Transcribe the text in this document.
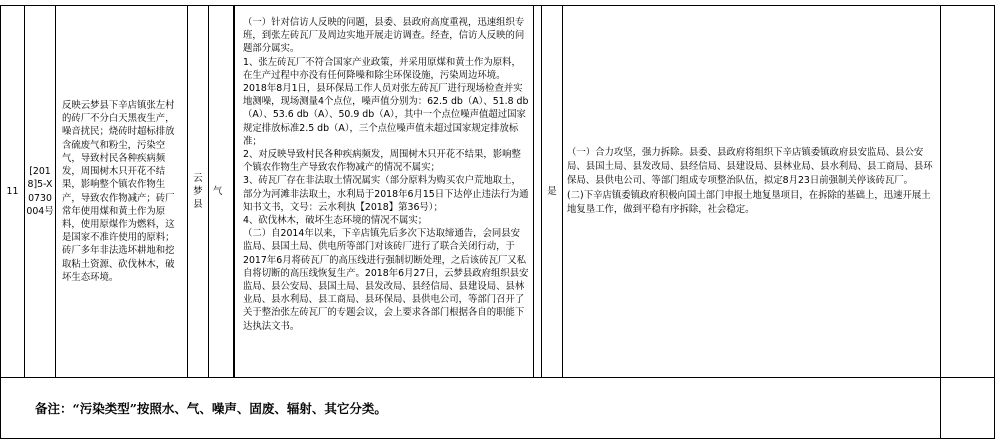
11
[2018]5-X0730004号
反映云梦县下辛店镇张左村的砖厂不分白天黑夜生产，噪音扰民；烧砖时超标排放含硫废气和粉尘，污染空气，导致村民各种疾病频发，周围树木只开花不结果，影响整个镇农作物生产，导致农作物减产；砖厂常年使用煤和黄土作为原料，使用原煤作为燃料，这是国家不准许使用的原料；砖厂多年非法选坏耕地和挖取粘土资源、砍伐林木，破坏生态环境。
云梦县
气

（一）针对信访人反映的问题，县委、县政府高度重视，迅速组织专班，到张左砖瓦厂及周边实地开展走访调查。经查，信访人反映的问题部分属实。

1、张左砖瓦厂不符合国家产业政策，并采用原煤和黄土作为原料，在生产过程中亦没有任何降噪和除尘环保设施，污染周边环境。2018年8月1日，县环保局工作人员对张左砖瓦厂进行现场检查并实地测噪，现场测量4个点位，噪声值分别为：62.5 db（A）、51.8 db（A）、53.6 db（A）、50.9 db（A），其中一个点位噪声值超过国家规定排放标准2.5 db（A），三个点位噪声值未超过国家规定排放标准；

2、对反映导致村民各种疾病频发，周围树木只开花不结果，影响整个镇农作物生产导致农作物减产的情况不属实；

3、砖瓦厂存在非法取土情况属实（部分原料为购买农户荒地取土，部分为河滩非法取土，水利局于2018年6月15日下达停止违法行为通知书文书，文号：云水利执【2018】第36号）；

4、砍伐林木，破坏生态环境的情况不属实；

（二）自2014年以来，下辛店镇先后多次下达取缔通告，会同县安监局、县国土局、供电所等部门对该砖厂进行了联合关闭行动，于2017年6月将砖瓦厂的高压线进行强制切断处理，之后该砖瓦厂又私自将切断的高压线恢复生产。2018年6月27日，云梦县政府组织县安监局、县公安局、县国土局、县发改局、县经信局、县建设局、县林业局、县水利局、县工商局、县环保局、县供电公司，等部门召开了关于整治张左砖瓦厂的专题会议，会上要求各部门根据各自的职能下达执法文书。

是

（一）合力攻坚，强力拆除。县委、县政府将组织下辛店镇委镇政府县安监局、县公安局、县国土局、县发改局、县经信局、县建设局、县林业局、县水利局、县工商局、县环保局、县供电公司、等部门组成专项整治队伍，拟定8月23日前强制关停该砖瓦厂。

(二)下辛店镇委镇政府积极向国土部门申报土地复垦项目，在拆除的基础上，迅速开展土地复垦工作，做到平稳有序拆除，社会稳定。

备注：“污染类型”按照水、气、噪声、固废、辐射、其它分类。
